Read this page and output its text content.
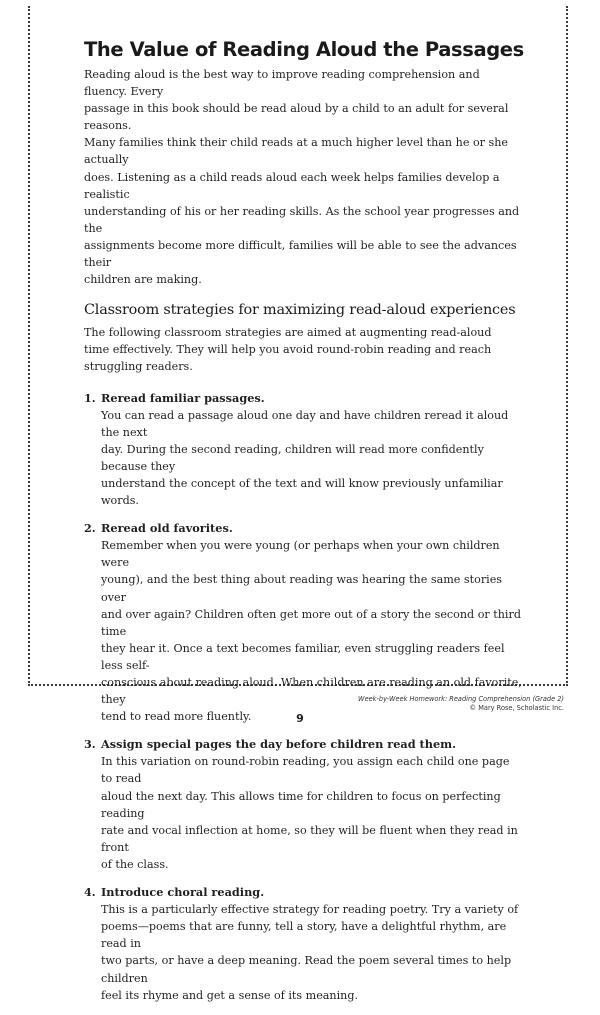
The Value of Reading Aloud the Passages

Reading aloud is the best way to improve reading comprehension and fluency. Every
passage in this book should be read aloud by a child to an adult for several reasons.
Many families think their child reads at a much higher level than he or she actually
does. Listening as a child reads aloud each week helps families develop a realistic
understanding of his or her reading skills. As the school year progresses and the
assignments become more difficult, families will be able to see the advances their
children are making.

Classroom strategies for maximizing read-aloud experiences

The following classroom strategies are aimed at augmenting read-aloud
time effectively. They will help you avoid round-robin reading and reach
struggling readers.

1. Reread familiar passages.

You can read a passage aloud one day and have children reread it aloud the next
day. During the second reading, children will read more confidently because they
understand the concept of the text and will know previously unfamiliar words.

2. Reread old favorites.

Remember when you were young (or perhaps when your own children were
young), and the best thing about reading was hearing the same stories over
and over again? Children often get more out of a story the second or third time
they hear it. Once a text becomes familiar, even struggling readers feel less self-
conscious about reading aloud. When children are reading an old favorite, they
tend to read more fluently.

3. Assign special pages the day before children read them.

In this variation on round-robin reading, you assign each child one page to read
aloud the next day. This allows time for children to focus on perfecting reading
rate and vocal inflection at home, so they will be fluent when they read in front
of the class.

4. Introduce choral reading.

This is a particularly effective strategy for reading poetry. Try a variety of
poems—poems that are funny, tell a story, have a delightful rhythm, are read in
two parts, or have a deep meaning. Read the poem several times to help children
feel its rhyme and get a sense of its meaning.

Week-by-Week Homework: Reading Comprehension (Grade 2)
© Mary Rose, Scholastic Inc.
9
